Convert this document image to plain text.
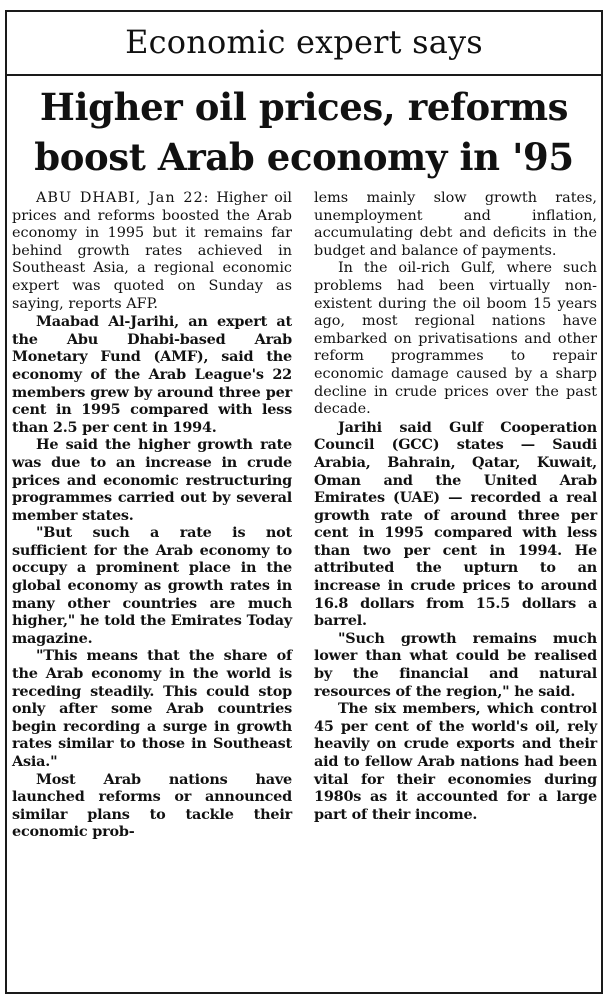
Economic expert says
Higher oil prices, reforms
boost Arab economy in '95

ABU DHABI, Jan 22: Higher oil prices and reforms boosted the Arab economy in 1995 but it remains far behind growth rates achieved in Southeast Asia, a regional economic expert was quoted on Sunday as saying, reports AFP.

Maabad Al-Jarihi, an expert at the Abu Dhabi-based Arab Monetary Fund (AMF), said the economy of the Arab League's 22 members grew by around three per cent in 1995 compared with less than 2.5 per cent in 1994.

He said the higher growth rate was due to an increase in crude prices and economic restructuring programmes carried out by several member states.

"But such a rate is not sufficient for the Arab economy to occupy a prominent place in the global economy as growth rates in many other countries are much higher," he told the Emirates Today magazine.

"This means that the share of the Arab economy in the world is receding steadily. This could stop only after some Arab countries begin recording a surge in growth rates similar to those in Southeast Asia."

Most Arab nations have launched reforms or announced similar plans to tackle their economic prob-

lems mainly slow growth rates, unemployment and inflation, accumulating debt and deficits in the budget and balance of payments.

In the oil-rich Gulf, where such problems had been virtually non-existent during the oil boom 15 years ago, most regional nations have embarked on privatisations and other reform programmes to repair economic damage caused by a sharp decline in crude prices over the past decade.

Jarihi said Gulf Cooperation Council (GCC) states — Saudi Arabia, Bahrain, Qatar, Kuwait, Oman and the United Arab Emirates (UAE) — recorded a real growth rate of around three per cent in 1995 compared with less than two per cent in 1994. He attributed the upturn to an increase in crude prices to around 16.8 dollars from 15.5 dollars a barrel.

"Such growth remains much lower than what could be realised by the financial and natural resources of the region," he said.

The six members, which control 45 per cent of the world's oil, rely heavily on crude exports and their aid to fellow Arab nations had been vital for their economies during 1980s as it accounted for a large part of their income.
